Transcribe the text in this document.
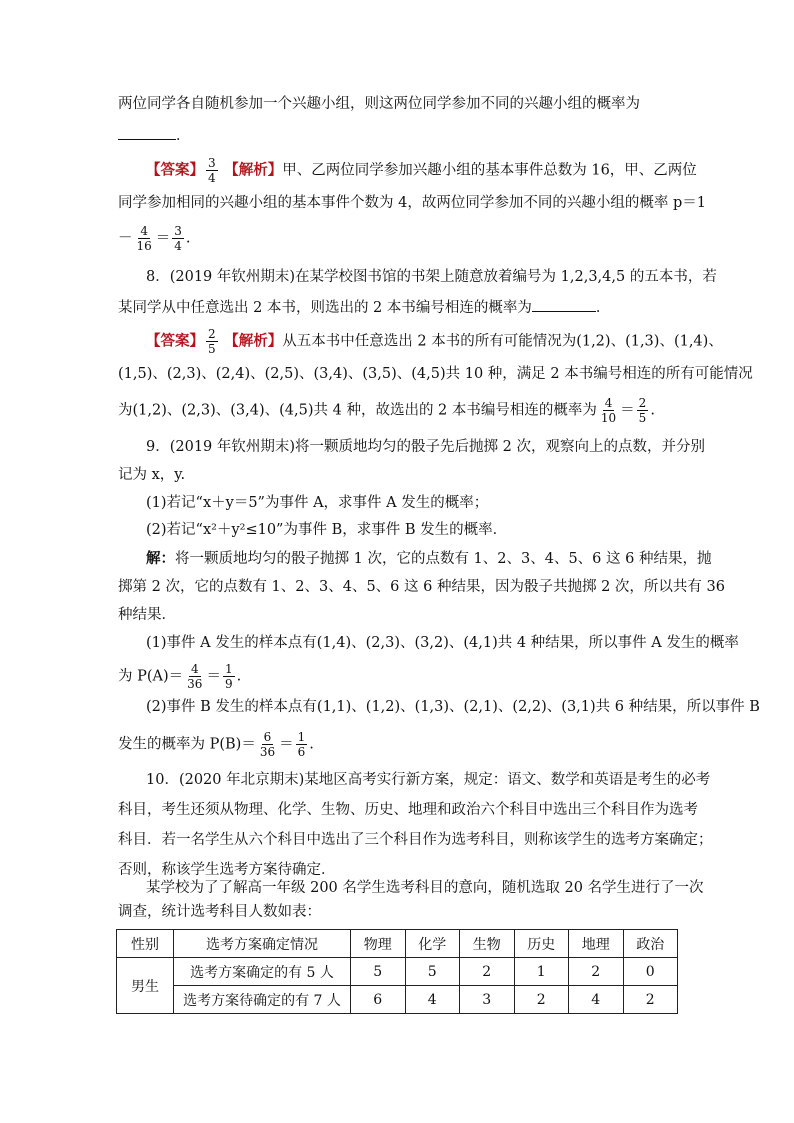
两位同学各自随机参加一个兴趣小组，则这两位同学参加不同的兴趣小组的概率为
．
【答案】 $\frac{3}{4}$ 【解析】甲、乙两位同学参加兴趣小组的基本事件总数为 16，甲、乙两位
同学参加相同的兴趣小组的基本事件个数为 4，故两位同学参加不同的兴趣小组的概率 p＝1
－ $\frac{4}{16} = \frac{3}{4}$ .
8．(2019 年钦州期末)在某学校图书馆的书架上随意放着编号为 1,2,3,4,5 的五本书，若
某同学从中任意选出 2 本书，则选出的 2 本书编号相连的概率为	．
【答案】 $\frac{2}{5}$ 【解析】从五本书中任意选出 2 本书的所有可能情况为(1,2)、(1,3)、(1,4)、
(1,5)、(2,3)、(2,4)、(2,5)、(3,4)、(3,5)、(4,5)共 10 种，满足 2 本书编号相连的所有可能情况
为(1,2)、(2,3)、(3,4)、(4,5)共 4 种，故选出的 2 本书编号相连的概率为 $\frac{4}{10} = \frac{2}{5}$ .
9．(2019 年钦州期末)将一颗质地均匀的骰子先后抛掷 2 次，观察向上的点数，并分别
记为 x，y.
(1)若记“x＋y＝5”为事件 A，求事件 A 发生的概率；
(2)若记“x²＋y²≤10”为事件 B，求事件 B 发生的概率．
解：将一颗质地均匀的骰子抛掷 1 次，它的点数有 1、2、3、4、5、6 这 6 种结果，抛
掷第 2 次，它的点数有 1、2、3、4、5、6 这 6 种结果，因为骰子共抛掷 2 次，所以共有 36
种结果．
(1)事件 A 发生的样本点有(1,4)、(2,3)、(3,2)、(4,1)共 4 种结果，所以事件 A 发生的概率
为 $P(A)= \frac{4}{36} = \frac{1}{9}$ .
(2)事件 B 发生的样本点有(1,1)、(1,2)、(1,3)、(2,1)、(2,2)、(3,1)共 6 种结果，所以事件 B
发生的概率为 $P(B)= \frac{6}{36} = \frac{1}{6}$ .
10．(2020 年北京期末)某地区高考实行新方案，规定：语文、数学和英语是考生的必考
科目，考生还须从物理、化学、生物、历史、地理和政治六个科目中选出三个科目作为选考
科目．若一名学生从六个科目中选出了三个科目作为选考科目，则称该学生的选考方案确定；
否则，称该学生选考方案待确定．
某学校为了了解高一年级 200 名学生选考科目的意向，随机选取 20 名学生进行了一次
调查，统计选考科目人数如表：
性别	选考方案确定情况	物理	化学	生物	历史	地理	政治
男生	选考方案确定的有 5 人	5	5	2	1	2	0
	选考方案待确定的有 7 人	6	4	3	2	4	2
